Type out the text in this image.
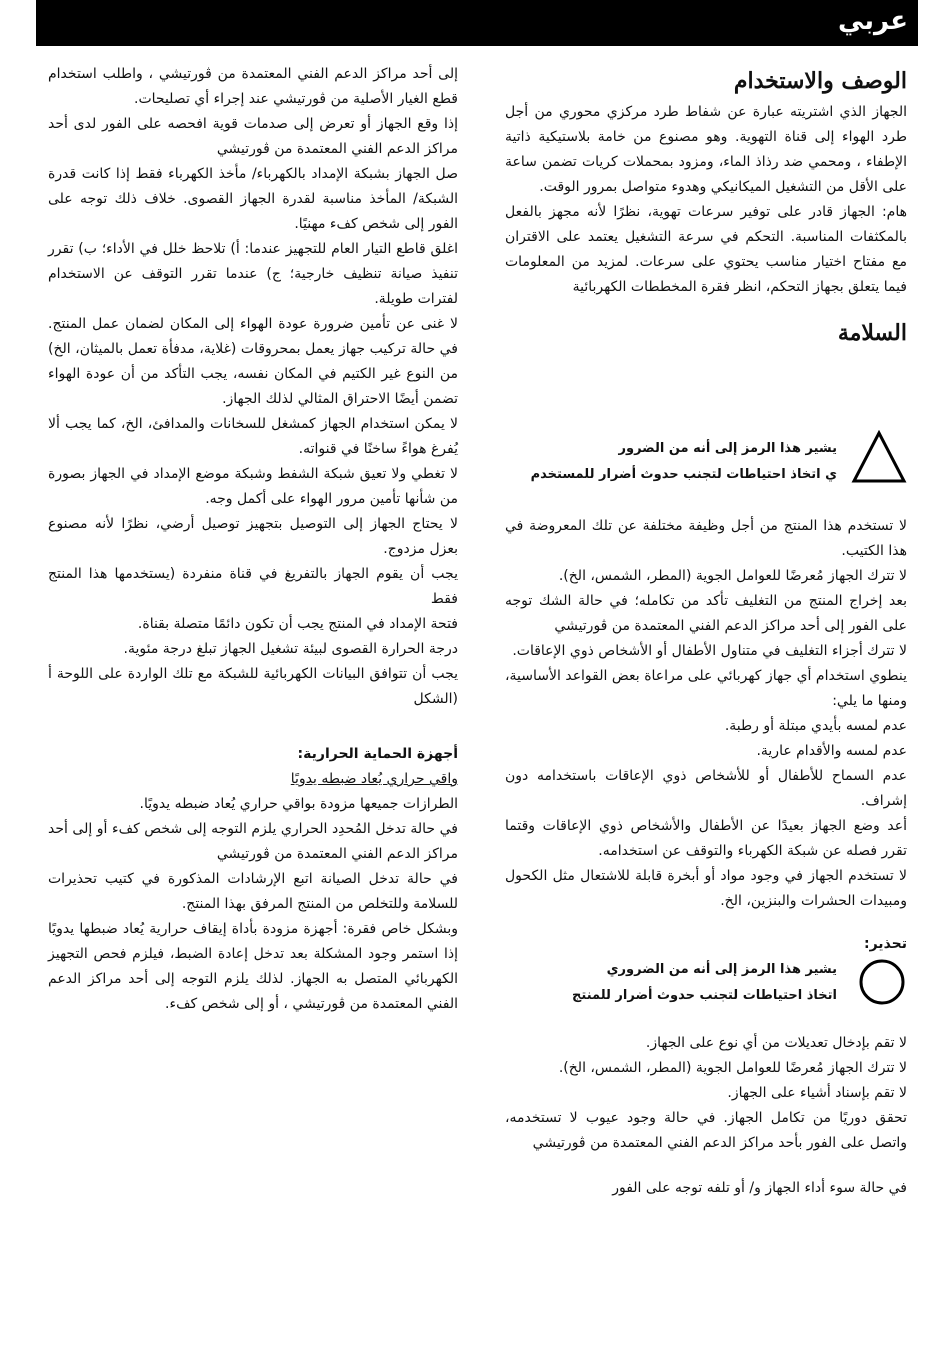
عربي
الوصف والاستخدام

الجهاز الذي اشتريته عبارة عن شفاط طرد مركزي محوري من أجل طرد الهواء إلى قناة التهوية. وهو مصنوع من خامة بلاستيكية ذاتية الإطفاء ، ومحمي ضد رذاذ الماء، ومزود بمحملات كريات تضمن ساعة على الأقل من التشغيل الميكانيكي وهدوء متواصل بمرور الوقت.

هام: الجهاز قادر على توفير سرعات تهوية، نظرًا لأنه مجهز بالفعل بالمكثفات المناسبة. التحكم في سرعة التشغيل يعتمد على الاقتران مع مفتاح اختيار مناسب يحتوي على سرعات. لمزيد من المعلومات فيما يتعلق بجهاز التحكم، انظر فقرة المخططات الكهربائية

السلامة
يشير هذا الرمز إلى أنه من الضرور
ي اتخاذ احتياطات لتجنب حدوث أضرار للمستخدم

لا تستخدم هذا المنتج من أجل وظيفة مختلفة عن تلك المعروضة في هذا الكتيب.

لا تترك الجهاز مُعرضًا للعوامل الجوية (المطر، الشمس، الخ).

بعد إخراج المنتج من التغليف تأكد من تكامله؛ في حالة الشك توجه على الفور إلى أحد مراكز الدعم الفني المعتمدة من ڤورتيشي

لا تترك أجزاء التغليف في متناول الأطفال أو الأشخاص ذوي الإعاقات.

ينطوي استخدام أي جهاز كهربائي على مراعاة بعض القواعد الأساسية، ومنها ما يلي:

عدم لمسه بأيدي مبتلة أو رطبة.

عدم لمسه والأقدام عارية.

عدم السماح للأطفال أو للأشخاص ذوي الإعاقات باستخدامه دون إشراف.

أعد وضع الجهاز بعيدًا عن الأطفال والأشخاص ذوي الإعاقات وقتما تقرر فصله عن شبكة الكهرباء والتوقف عن استخدامه.

لا تستخدم الجهاز في وجود مواد أو أبخرة قابلة للاشتعال مثل الكحول ومبيدات الحشرات والبنزين، الخ.

تحذير:

يشير هذا الرمز إلى أنه من الضروري
اتخاذ احتياطات لتجنب حدوث أضرار للمنتج

لا تقم بإدخال تعديلات من أي نوع على الجهاز.

لا تترك الجهاز مُعرضًا للعوامل الجوية (المطر، الشمس، الخ).

لا تقم بإسناد أشياء على الجهاز.

تحقق دوريًا من تكامل الجهاز. في حالة وجود عيوب لا تستخدمه، واتصل على الفور بأحد مراكز الدعم الفني المعتمدة من ڤورتيشي

في حالة سوء أداء الجهاز و/ أو تلفه توجه على الفور

إلى أحد مراكز الدعم الفني المعتمدة من ڤورتيشي ، واطلب استخدام قطع الغيار الأصلية من ڤورتيشي عند إجراء أي تصليحات.

إذا وقع الجهاز أو تعرض إلى صدمات قوية افحصه على الفور لدى أحد مراكز الدعم الفني المعتمدة من ڤورتيشي

صل الجهاز بشبكة الإمداد بالكهرباء/ مأخذ الكهرباء فقط إذا كانت قدرة الشبكة/ المأخذ مناسبة لقدرة الجهاز القصوى. خلاف ذلك توجه على الفور إلى شخص كفء مهنيًا.

اغلق قاطع التيار العام للتجهيز عندما: أ) تلاحظ خلل في الأداء؛ ب) تقرر تنفيذ صيانة تنظيف خارجية؛ ج) عندما تقرر التوقف عن الاستخدام لفترات طويلة.

لا غنى عن تأمين ضرورة عودة الهواء إلى المكان لضمان عمل المنتج. في حالة تركيب جهاز يعمل بمحروقات (غلاية، مدفأة تعمل بالميثان، الخ) من النوع غير الكتيم في المكان نفسه، يجب التأكد من أن عودة الهواء تضمن أيضًا الاحتراق المثالي لذلك الجهاز.

لا يمكن استخدام الجهاز كمشغل للسخانات والمدافئ، الخ، كما يجب ألا يُفرغ هواءً ساخنًا في قنواته.

لا تغطي ولا تعيق شبكة الشفط وشبكة موضع الإمداد في الجهاز بصورة من شأنها تأمين مرور الهواء على أكمل وجه.

لا يحتاج الجهاز إلى التوصيل بتجهيز توصيل أرضي، نظرًا لأنه مصنوع بعزل مزدوج.

يجب أن يقوم الجهاز بالتفريغ في قناة منفردة (يستخدمها هذا المنتج فقط

فتحة الإمداد في المنتج يجب أن تكون دائمًا متصلة بقناة.

درجة الحرارة القصوى لبيئة تشغيل الجهاز تبلغ درجة مئوية.

يجب أن تتوافق البيانات الكهربائية للشبكة مع تلك الواردة على اللوحة أ (الشكل

أجهزة الحماية الحرارية:

واقي حراري يُعاد ضبطه يدويًا

الطرازات جميعها مزودة بواقي حراري يُعاد ضبطه يدويًا.

في حالة تدخل المُحدِد الحراري يلزم التوجه إلى شخص كفء أو إلى أحد مراكز الدعم الفني المعتمدة من ڤورتيشي

في حالة تدخل الصيانة اتبع الإرشادات المذكورة في كتيب تحذيرات للسلامة وللتخلص من المنتج المرفق بهذا المنتج.

وبشكل خاص فقرة: أجهزة مزودة بأداة إيقاف حرارية يُعاد ضبطها يدويًا إذا استمر وجود المشكلة بعد تدخل إعادة الضبط، فيلزم فحص التجهيز الكهربائي المتصل به الجهاز. لذلك يلزم التوجه إلى أحد مراكز الدعم الفني المعتمدة من ڤورتيشي ، أو إلى شخص كفء.
